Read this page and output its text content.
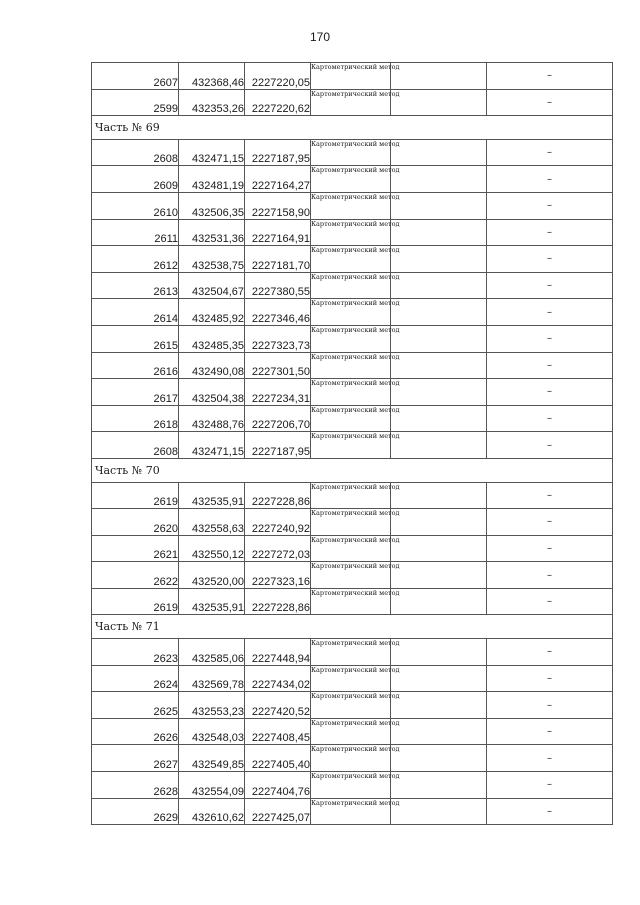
170
2607	432368,46	2227220,05	Картометрический метод		–
2599	432353,26	2227220,62	Картометрический метод		–
Часть № 69					
2608	432471,15	2227187,95	Картометрический метод		–
2609	432481,19	2227164,27	Картометрический метод		–
2610	432506,35	2227158,90	Картометрический метод		–
2611	432531,36	2227164,91	Картометрический метод		–
2612	432538,75	2227181,70	Картометрический метод		–
2613	432504,67	2227380,55	Картометрический метод		–
2614	432485,92	2227346,46	Картометрический метод		–
2615	432485,35	2227323,73	Картометрический метод		–
2616	432490,08	2227301,50	Картометрический метод		–
2617	432504,38	2227234,31	Картометрический метод		–
2618	432488,76	2227206,70	Картометрический метод		–
2608	432471,15	2227187,95	Картометрический метод		–
Часть № 70					
2619	432535,91	2227228,86	Картометрический метод		–
2620	432558,63	2227240,92	Картометрический метод		–
2621	432550,12	2227272,03	Картометрический метод		–
2622	432520,00	2227323,16	Картометрический метод		–
2619	432535,91	2227228,86	Картометрический метод		–
Часть № 71					
2623	432585,06	2227448,94	Картометрический метод		–
2624	432569,78	2227434,02	Картометрический метод		–
2625	432553,23	2227420,52	Картометрический метод		–
2626	432548,03	2227408,45	Картометрический метод		–
2627	432549,85	2227405,40	Картометрический метод		–
2628	432554,09	2227404,76	Картометрический метод		–
2629	432610,62	2227425,07	Картометрический метод		–
